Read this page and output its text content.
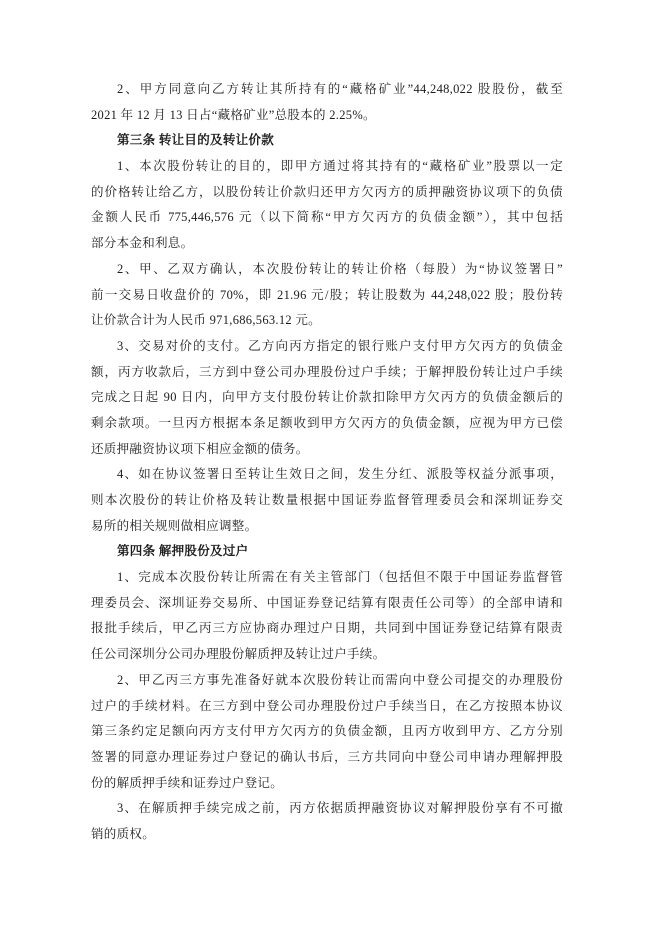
2、甲方同意向乙方转让其所持有的“藏格矿业”44,248,022 股股份，截至
2021 年 12 月 13 日占“藏格矿业”总股本的 2.25%。
第三条 转让目的及转让价款
1、本次股份转让的目的，即甲方通过将其持有的“藏格矿业”股票以一定
的价格转让给乙方，以股份转让价款归还甲方欠丙方的质押融资协议项下的负债
金额人民币 775,446,576 元（以下简称“甲方欠丙方的负债金额”），其中包括
部分本金和利息。
2、甲、乙双方确认，本次股份转让的转让价格（每股）为“协议签署日”
前一交易日收盘价的 70%，即 21.96 元/股；转让股数为 44,248,022 股；股份转
让价款合计为人民币 971,686,563.12 元。
3、交易对价的支付。乙方向丙方指定的银行账户支付甲方欠丙方的负债金
额，丙方收款后，三方到中登公司办理股份过户手续；于解押股份转让过户手续
完成之日起 90 日内，向甲方支付股份转让价款扣除甲方欠丙方的负债金额后的
剩余款项。一旦丙方根据本条足额收到甲方欠丙方的负债金额，应视为甲方已偿
还质押融资协议项下相应金额的债务。
4、如在协议签署日至转让生效日之间，发生分红、派股等权益分派事项，
则本次股份的转让价格及转让数量根据中国证券监督管理委员会和深圳证券交
易所的相关规则做相应调整。
第四条 解押股份及过户
1、完成本次股份转让所需在有关主管部门（包括但不限于中国证券监督管
理委员会、深圳证券交易所、中国证券登记结算有限责任公司等）的全部申请和
报批手续后，甲乙丙三方应协商办理过户日期，共同到中国证券登记结算有限责
任公司深圳分公司办理股份解质押及转让过户手续。
2、甲乙丙三方事先准备好就本次股份转让而需向中登公司提交的办理股份
过户的手续材料。在三方到中登公司办理股份过户手续当日，在乙方按照本协议
第三条约定足额向丙方支付甲方欠丙方的负债金额，且丙方收到甲方、乙方分别
签署的同意办理证券过户登记的确认书后，三方共同向中登公司申请办理解押股
份的解质押手续和证券过户登记。
3、在解质押手续完成之前，丙方依据质押融资协议对解押股份享有不可撤
销的质权。
